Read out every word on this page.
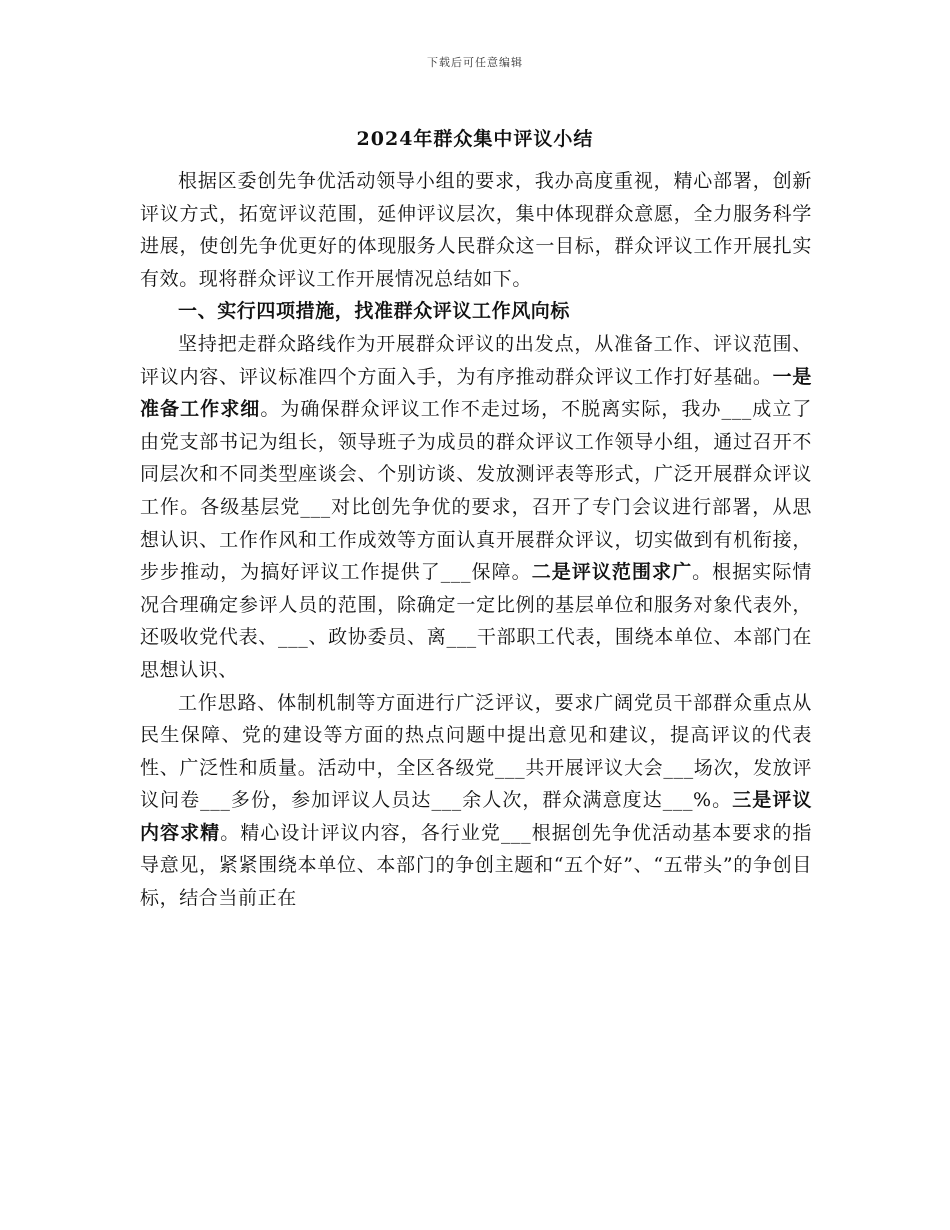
下载后可任意编辑
2024年群众集中评议小结

根据区委创先争优活动领导小组的要求，我办高度重视，精心部署，创新评议方式，拓宽评议范围，延伸评议层次，集中体现群众意愿，全力服务科学进展，使创先争优更好的体现服务人民群众这一目标，群众评议工作开展扎实有效。现将群众评议工作开展情况总结如下。

一、实行四项措施，找准群众评议工作风向标

坚持把走群众路线作为开展群众评议的出发点，从准备工作、评议范围、评议内容、评议标准四个方面入手，为有序推动群众评议工作打好基础。一是准备工作求细。为确保群众评议工作不走过场，不脱离实际，我办___成立了由党支部书记为组长，领导班子为成员的群众评议工作领导小组，通过召开不同层次和不同类型座谈会、个别访谈、发放测评表等形式，广泛开展群众评议工作。各级基层党___对比创先争优的要求，召开了专门会议进行部署，从思想认识、工作作风和工作成效等方面认真开展群众评议，切实做到有机衔接，步步推动，为搞好评议工作提供了___保障。二是评议范围求广。根据实际情况合理确定参评人员的范围，除确定一定比例的基层单位和服务对象代表外，还吸收党代表、___、政协委员、离___干部职工代表，围绕本单位、本部门在思想认识、

工作思路、体制机制等方面进行广泛评议，要求广阔党员干部群众重点从民生保障、党的建设等方面的热点问题中提出意见和建议，提高评议的代表性、广泛性和质量。活动中，全区各级党___共开展评议大会___场次，发放评议问卷___多份，参加评议人员达___余人次，群众满意度达___%。三是评议内容求精。精心设计评议内容，各行业党___根据创先争优活动基本要求的指导意见，紧紧围绕本单位、本部门的争创主题和“五个好”、“五带头”的争创目标，结合当前正在
